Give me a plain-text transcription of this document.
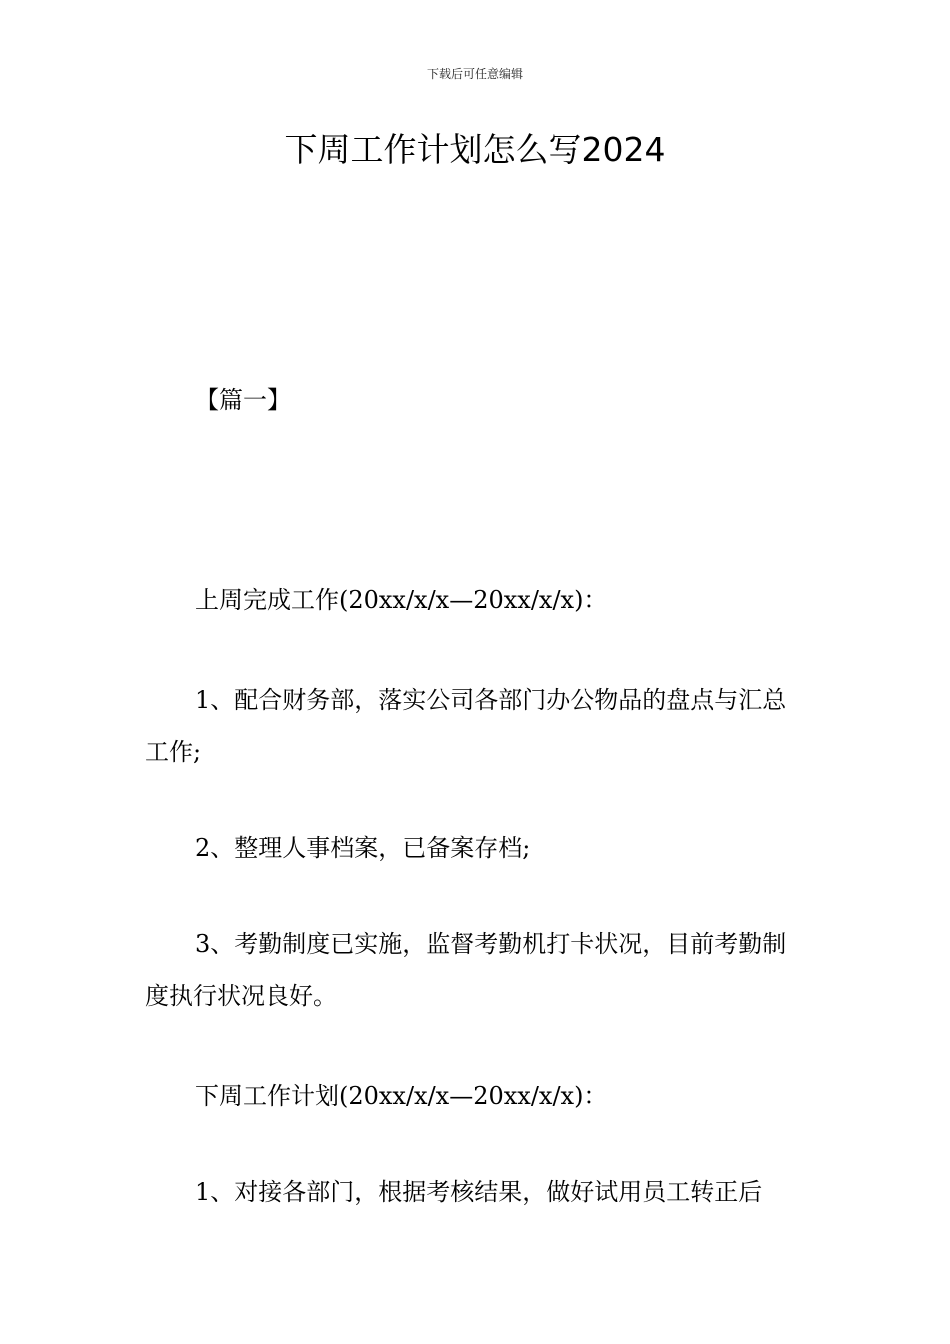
下载后可任意编辑
下周工作计划怎么写2024

【篇一】

上周完成工作(20xx/x/x—20xx/x/x)：

1、配合财务部，落实公司各部门办公物品的盘点与汇总工作;

2、整理人事档案，已备案存档;

3、考勤制度已实施，监督考勤机打卡状况，目前考勤制度执行状况良好。

下周工作计划(20xx/x/x—20xx/x/x)：

1、对接各部门，根据考核结果，做好试用员工转正后
